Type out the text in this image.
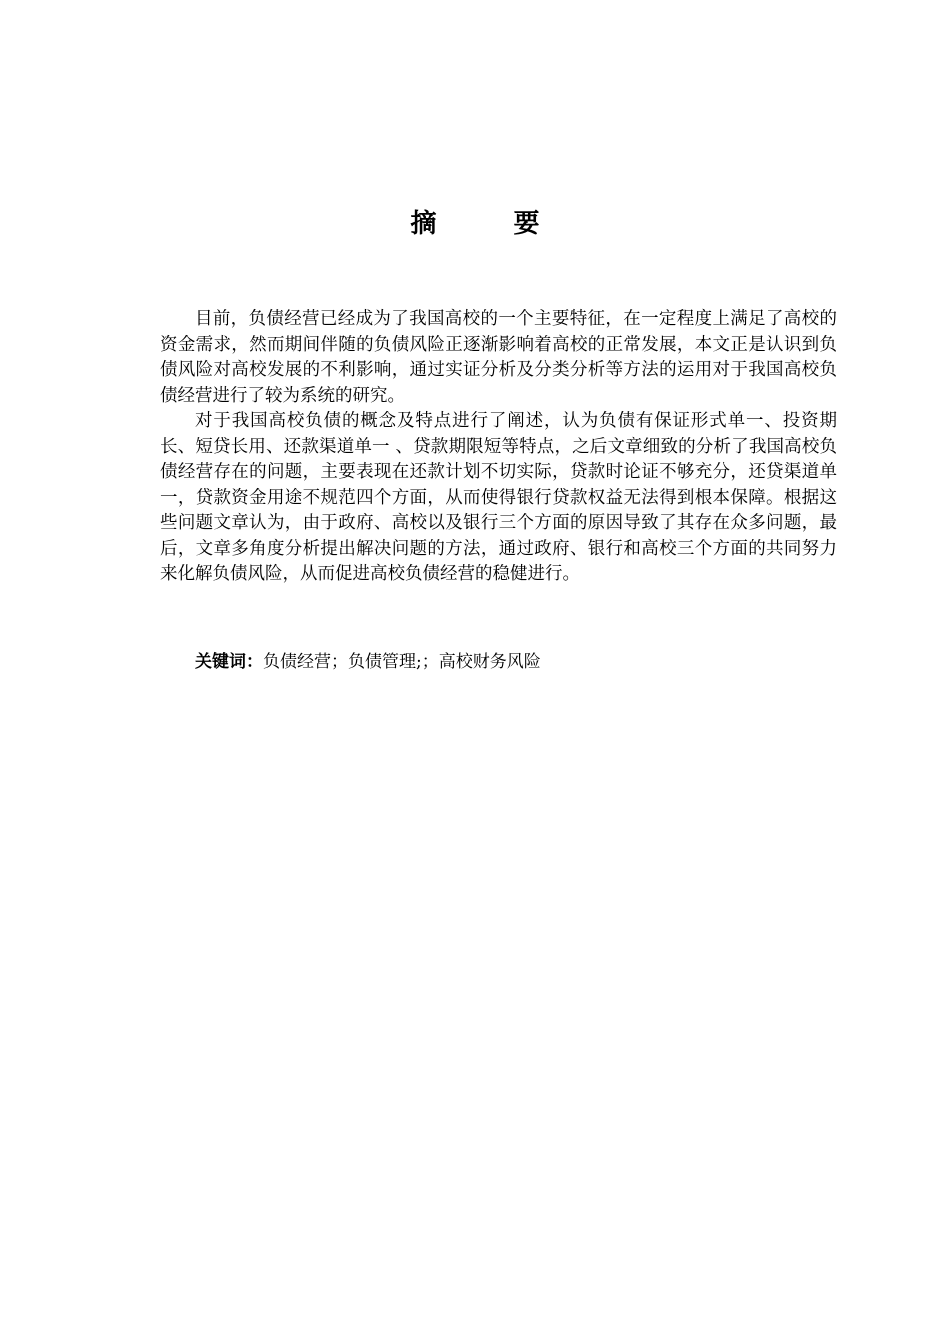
摘 要

目前，负债经营已经成为了我国高校的一个主要特征，在一定程度上满足了高校的资金需求，然而期间伴随的负债风险正逐渐影响着高校的正常发展，本文正是认识到负债风险对高校发展的不利影响，通过实证分析及分类分析等方法的运用对于我国高校负债经营进行了较为系统的研究。

对于我国高校负债的概念及特点进行了阐述，认为负债有保证形式单一、投资期长、短贷长用、还款渠道单一 、贷款期限短等特点，之后文章细致的分析了我国高校负债经营存在的问题，主要表现在还款计划不切实际，贷款时论证不够充分，还贷渠道单一，贷款资金用途不规范四个方面，从而使得银行贷款权益无法得到根本保障。根据这些问题文章认为，由于政府、高校以及银行三个方面的原因导致了其存在众多问题，最后，文章多角度分析提出解决问题的方法，通过政府、银行和高校三个方面的共同努力来化解负债风险，从而促进高校负债经营的稳健进行。

关键词：负债经营；负债管理;；高校财务风险
